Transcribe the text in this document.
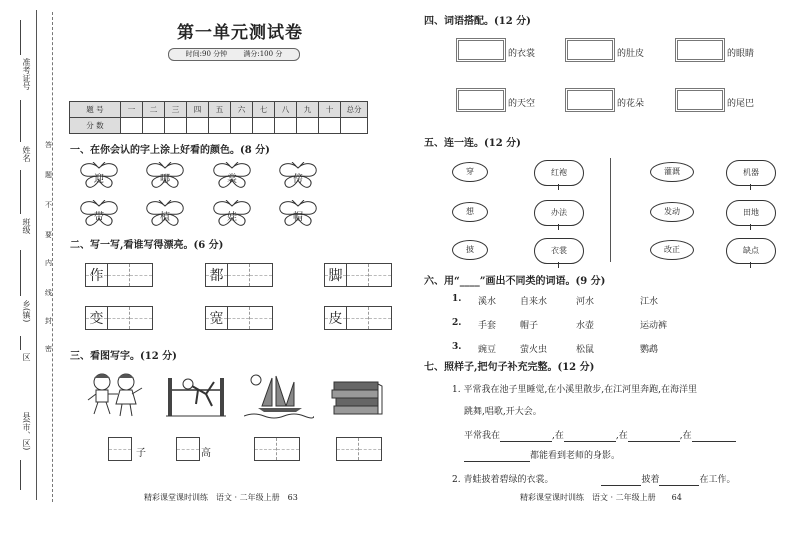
准考证号
姓名
班级
乡(镇)
区
县(市、区)
答
题
不
要
内
线
封
密
第一单元测试卷
时间:90 分钟 　　满分:100 分
题 号	一	二	三	四	五	六	七	八	九	十	总分
分 数											
一、在你会认的字上涂上好看的颜色。(8 分)
迎	哪	裳	傍
带	植	娃	帽
二、写一写,看谁写得漂亮。(6 分)
作	都	脚
变	宽	皮
三、看图写字。(12 分)
子	高
精彩课堂课时训练　语文 · 二年级上册　63
四、词语搭配。(12 分)
的衣裳	的肚皮	的眼睛
的天空	的花朵	的尾巴
五、连一连。(12 分)
穿	红袍	灌溉	机器
想	办法	发动	田地
披	衣裳	改正	缺点
六、用“____”画出不同类的词语。(9 分)
1. 溪水	自来水	河水	江水
2. 手套	帽子	水壶	运动裤
3. 豌豆	萤火虫	松鼠	鹦鹉
七、照样子,把句子补充完整。(12 分)
1. 平常我在池子里睡觉,在小溪里散步,在江河里奔跑,在海洋里
跳舞,唱歌,开大会。
平常我在	,在	,在	,在
都能看到老师的身影。
2. 青蛙披着碧绿的衣裳。	披着	在工作。
精彩课堂课时训练　语文 · 二年级上册　　64
